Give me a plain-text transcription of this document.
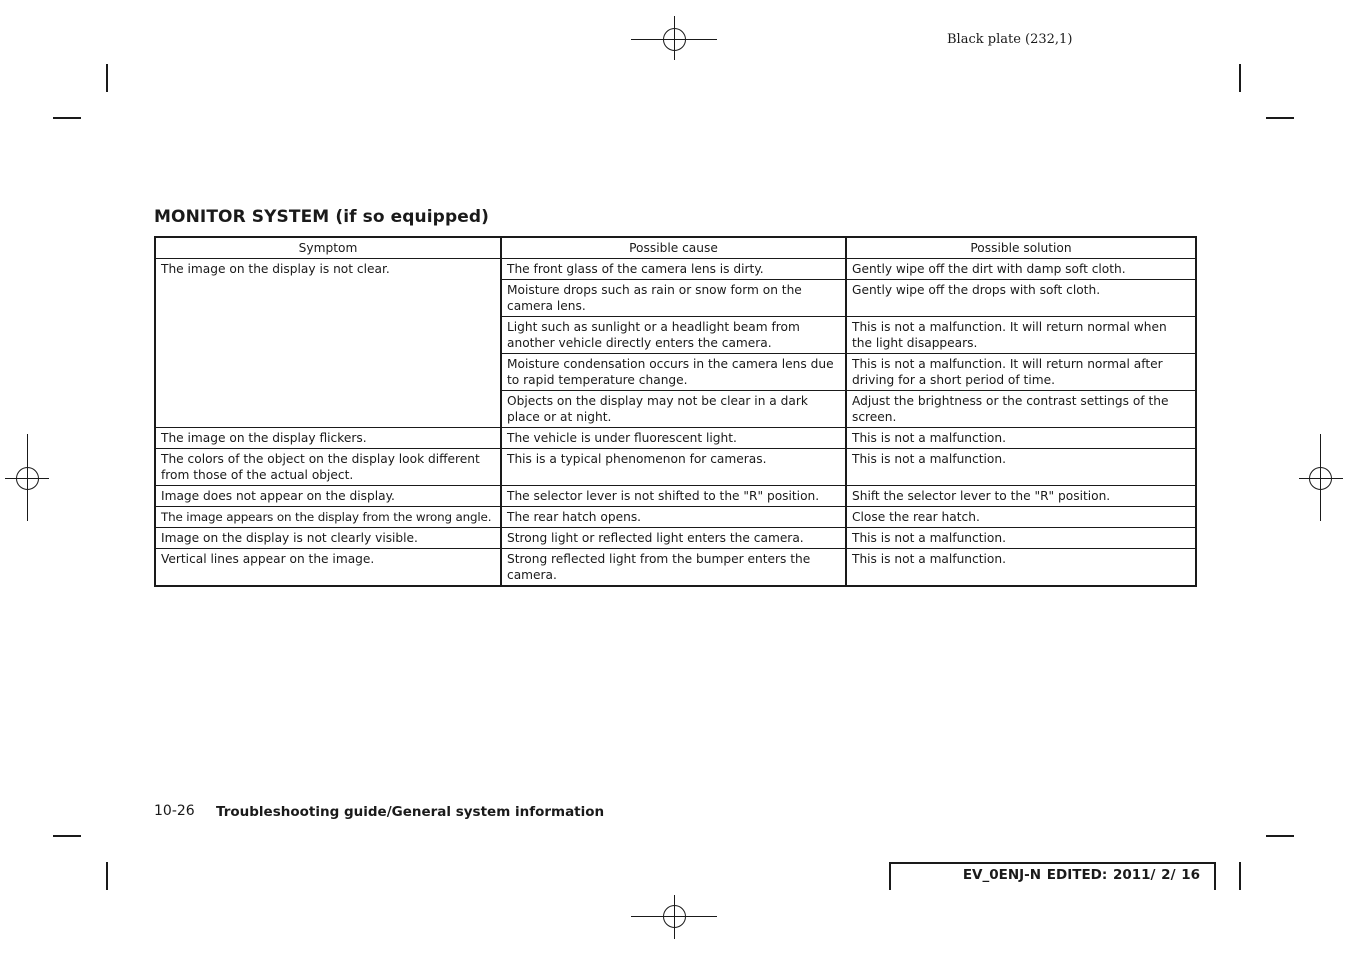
Black plate (232,1)
MONITOR SYSTEM (if so equipped)
Symptom	Possible cause	Possible solution
The image on the display is not clear.	The front glass of the camera lens is dirty.	Gently wipe off the dirt with damp soft cloth.
	Moisture drops such as rain or snow form on the camera lens.	Gently wipe off the drops with soft cloth.
	Light such as sunlight or a headlight beam from another vehicle directly enters the camera.	This is not a malfunction. It will return normal when the light disappears.
	Moisture condensation occurs in the camera lens due to rapid temperature change.	This is not a malfunction. It will return normal after driving for a short period of time.
	Objects on the display may not be clear in a dark place or at night.	Adjust the brightness or the contrast settings of the screen.
The image on the display flickers.	The vehicle is under fluorescent light.	This is not a malfunction.
The colors of the object on the display look different from those of the actual object.	This is a typical phenomenon for cameras.	This is not a malfunction.
Image does not appear on the display.	The selector lever is not shifted to the "R" position.	Shift the selector lever to the "R" position.
The image appears on the display from the wrong angle.	The rear hatch opens.	Close the rear hatch.
Image on the display is not clearly visible.	Strong light or reflected light enters the camera.	This is not a malfunction.
Vertical lines appear on the image.	Strong reflected light from the bumper enters the camera.	This is not a malfunction.
10-26 Troubleshooting guide/General system information
EV_0ENJ-N EDITED: 2011/ 2/ 16
